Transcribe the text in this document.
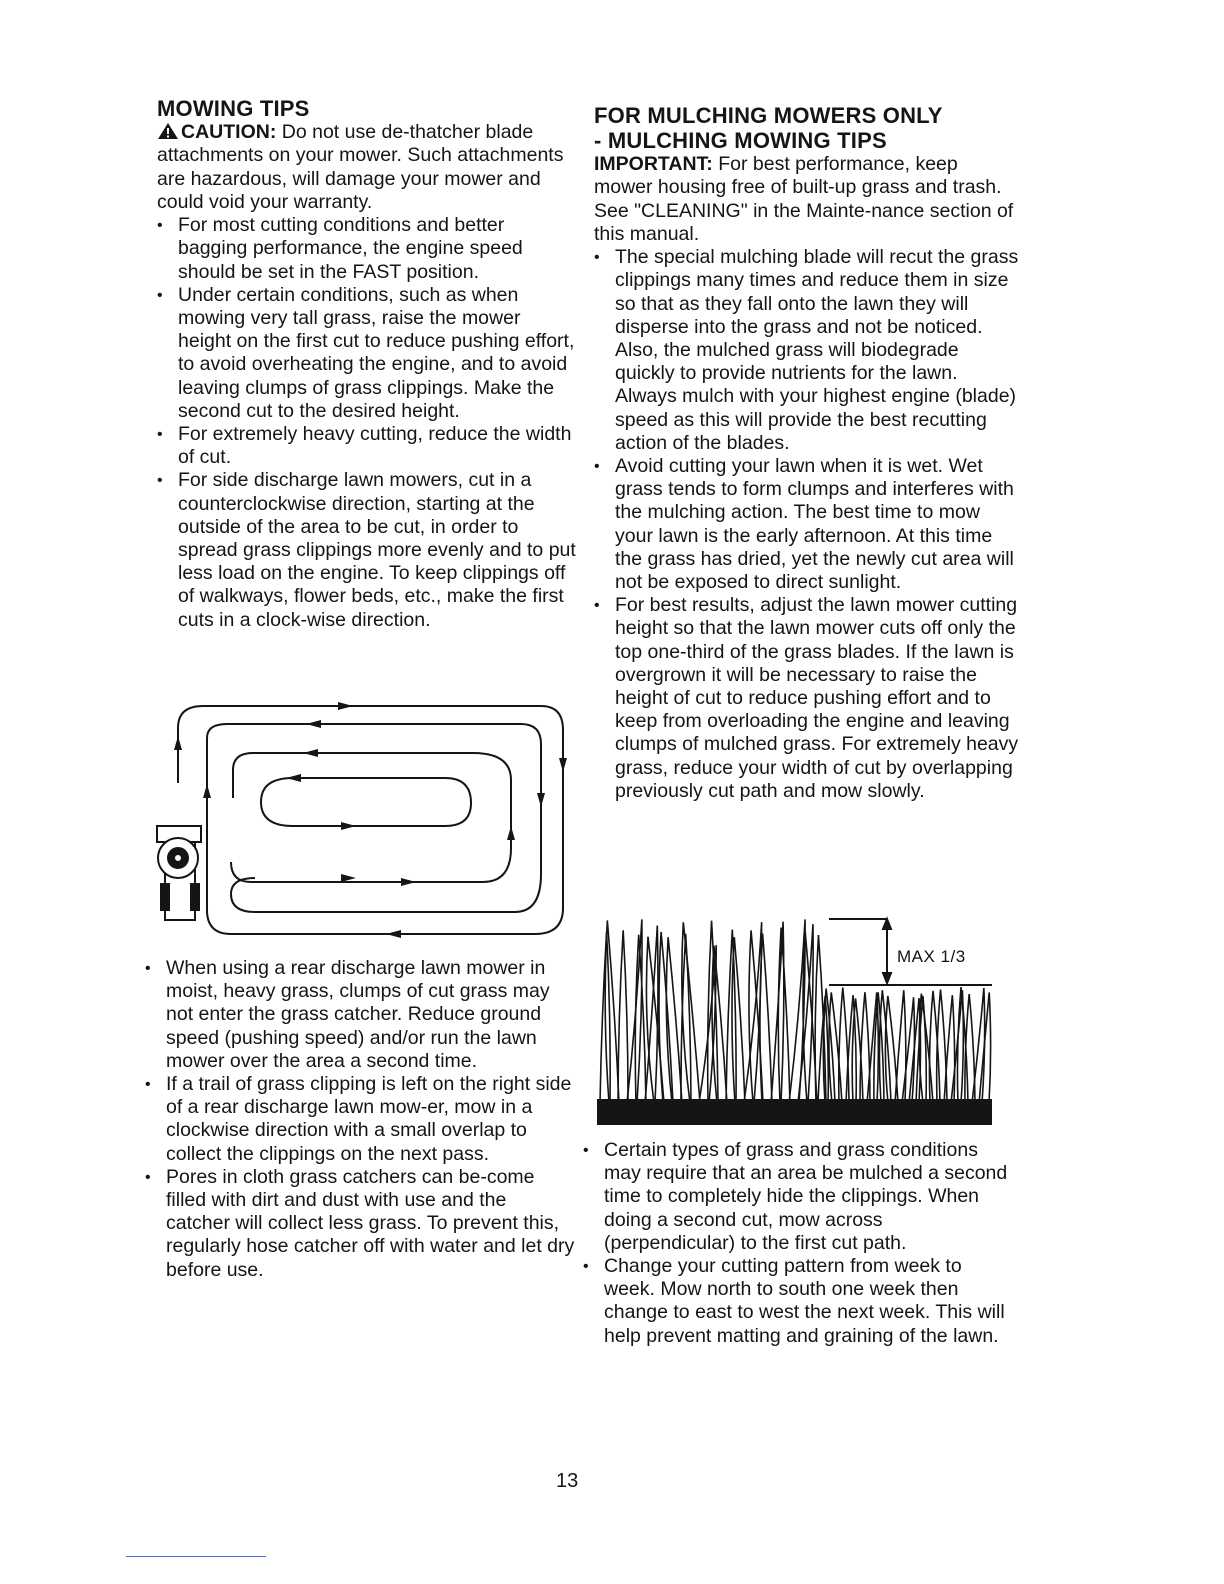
MOWING TIPS

CAUTION: Do not use de-thatcher blade attachments on your mower. Such attachments are hazardous, will damage your mower and could void your warranty.

• For most cutting conditions and better bagging performance, the engine speed should be set in the FAST position.
• Under certain conditions, such as when mowing very tall grass, raise the mower height on the first cut to reduce pushing effort, to avoid overheating the engine, and to avoid leaving clumps of grass clippings. Make the second cut to the desired height.
• For extremely heavy cutting, reduce the width of cut.
• For side discharge lawn mowers, cut in a counterclockwise direction, starting at the outside of the area to be cut, in order to spread grass clippings more evenly and to put less load on the engine. To keep clippings off of walkways, flower beds, etc., make the first cuts in a clock-wise direction.
• When using a rear discharge lawn mower in moist, heavy grass, clumps of cut grass may not enter the grass catcher. Reduce ground speed (pushing speed) and/or run the lawn mower over the area a second time.
• If a trail of grass clipping is left on the right side of a rear discharge lawn mow-er, mow in a clockwise direction with a small overlap to collect the clippings on the next pass.
• Pores in cloth grass catchers can be-come filled with dirt and dust with use and the catcher will collect less grass. To prevent this, regularly hose catcher off with water and let dry before use.
FOR MULCHING MOWERS ONLY
- MULCHING MOWING TIPS

IMPORTANT: For best performance, keep mower housing free of built-up grass and trash. See "CLEANING" in the Mainte-nance section of this manual.

• The special mulching blade will recut the grass clippings many times and reduce them in size so that as they fall onto the lawn they will disperse into the grass and not be noticed. Also, the mulched grass will biodegrade quickly to provide nutrients for the lawn. Always mulch with your highest engine (blade) speed as this will provide the best recutting action of the blades.
• Avoid cutting your lawn when it is wet. Wet grass tends to form clumps and interferes with the mulching action. The best time to mow your lawn is the early afternoon. At this time the grass has dried, yet the newly cut area will not be exposed to direct sunlight.
• For best results, adjust the lawn mower cutting height so that the lawn mower cuts off only the top one-third of the grass blades. If the lawn is overgrown it will be necessary to raise the height of cut to reduce pushing effort and to keep from overloading the engine and leaving clumps of mulched grass. For extremely heavy grass, reduce your width of cut by overlapping previously cut path and mow slowly.
MAX 1/3
• Certain types of grass and grass conditions may require that an area be mulched a second time to completely hide the clippings. When doing a second cut, mow across (perpendicular) to the first cut path.
• Change your cutting pattern from week to week. Mow north to south one week then change to east to west the next week. This will help prevent matting and graining of the lawn.
13
